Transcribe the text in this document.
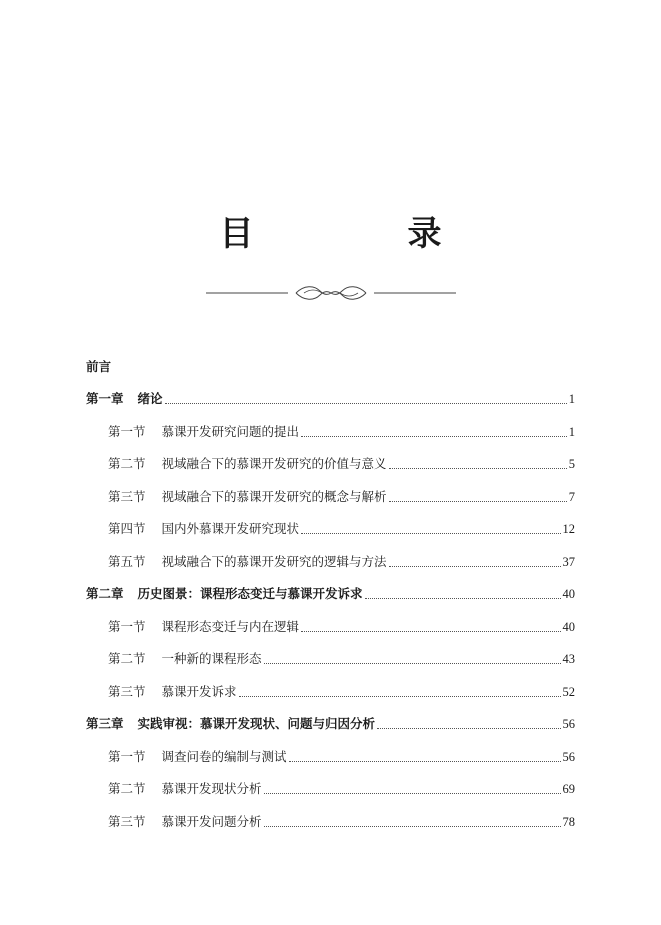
目　录
前言
第一章 绪论	1
第一节 慕课开发研究问题的提出	1
第二节 视域融合下的慕课开发研究的价值与意义	5
第三节 视域融合下的慕课开发研究的概念与解析	7
第四节 国内外慕课开发研究现状	12
第五节 视域融合下的慕课开发研究的逻辑与方法	37
第二章 历史图景：课程形态变迁与慕课开发诉求	40
第一节 课程形态变迁与内在逻辑	40
第二节 一种新的课程形态	43
第三节 慕课开发诉求	52
第三章 实践审视：慕课开发现状、问题与归因分析	56
第一节 调查问卷的编制与测试	56
第二节 慕课开发现状分析	69
第三节 慕课开发问题分析	78
